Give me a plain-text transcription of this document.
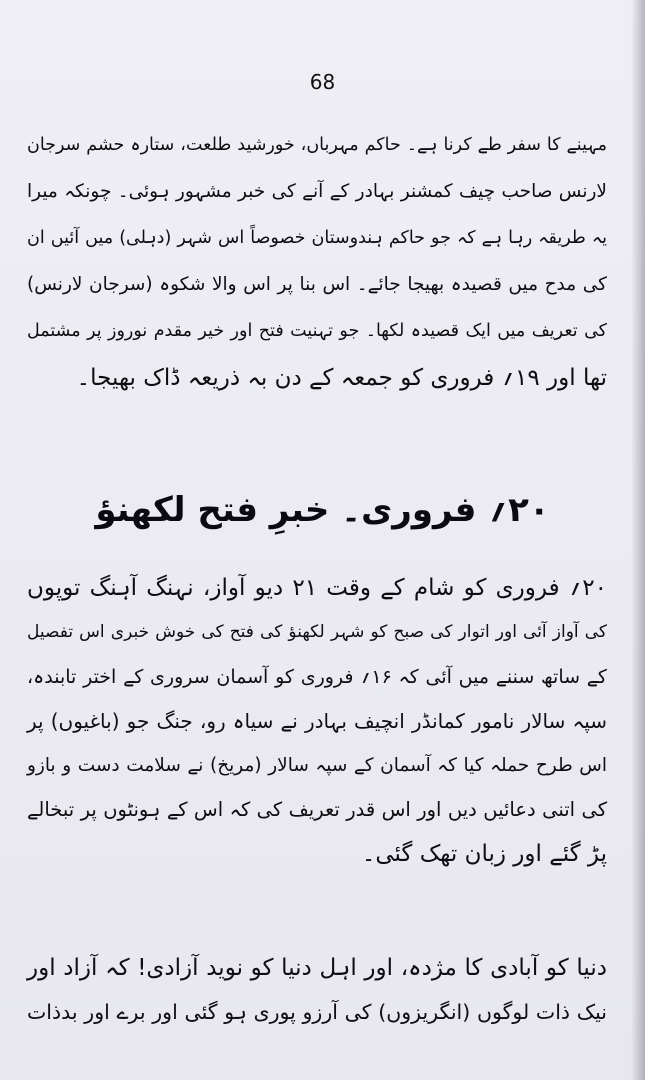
68
مہینے کا سفر طے کرنا ہے۔ حاکم مہرباں، خورشید طلعت، ستارہ حشم سرجان
لارنس صاحب چیف کمشنر بہادر کے آنے کی خبر مشہور ہوئی۔ چونکہ میرا
یہ طریقہ رہا ہے کہ جو حاکم ہندوستان خصوصاً اس شہر (دہلی) میں آئیں ان
کی مدح میں قصیدہ بھیجا جائے۔ اس بنا پر اس والا شکوہ (سرجان لارنس)
کی تعریف میں ایک قصیدہ لکھا۔ جو تہنیت فتح اور خیر مقدم نوروز پر مشتمل
تھا اور ۱۹؍ فروری کو جمعہ کے دن بہ ذریعہ ڈاک بھیجا۔
۲۰؍ فروری۔ خبرِ فتح لکھنؤ
۲۰؍ فروری کو شام کے وقت ۲۱ دیو آواز، نہنگ آہنگ توپوں
کی آواز آئی اور اتوار کی صبح کو شہر لکھنؤ کی فتح کی خوش خبری اس تفصیل
کے ساتھ سننے میں آئی کہ ۱۶؍ فروری کو آسمان سروری کے اختر تابندہ،
سپہ سالار نامور کمانڈر انچیف بہادر نے سیاہ رو، جنگ جو (باغیوں) پر
اس طرح حملہ کیا کہ آسمان کے سپہ سالار (مریخ) نے سلامت دست و بازو
کی اتنی دعائیں دیں اور اس قدر تعریف کی کہ اس کے ہونٹوں پر تبخالے
پڑ گئے اور زبان تھک گئی۔
دنیا کو آبادی کا مژدہ، اور اہل دنیا کو نوید آزادی! کہ آزاد اور
نیک ذات لوگوں (انگریزوں) کی آرزو پوری ہو گئی اور برے اور بدذات
